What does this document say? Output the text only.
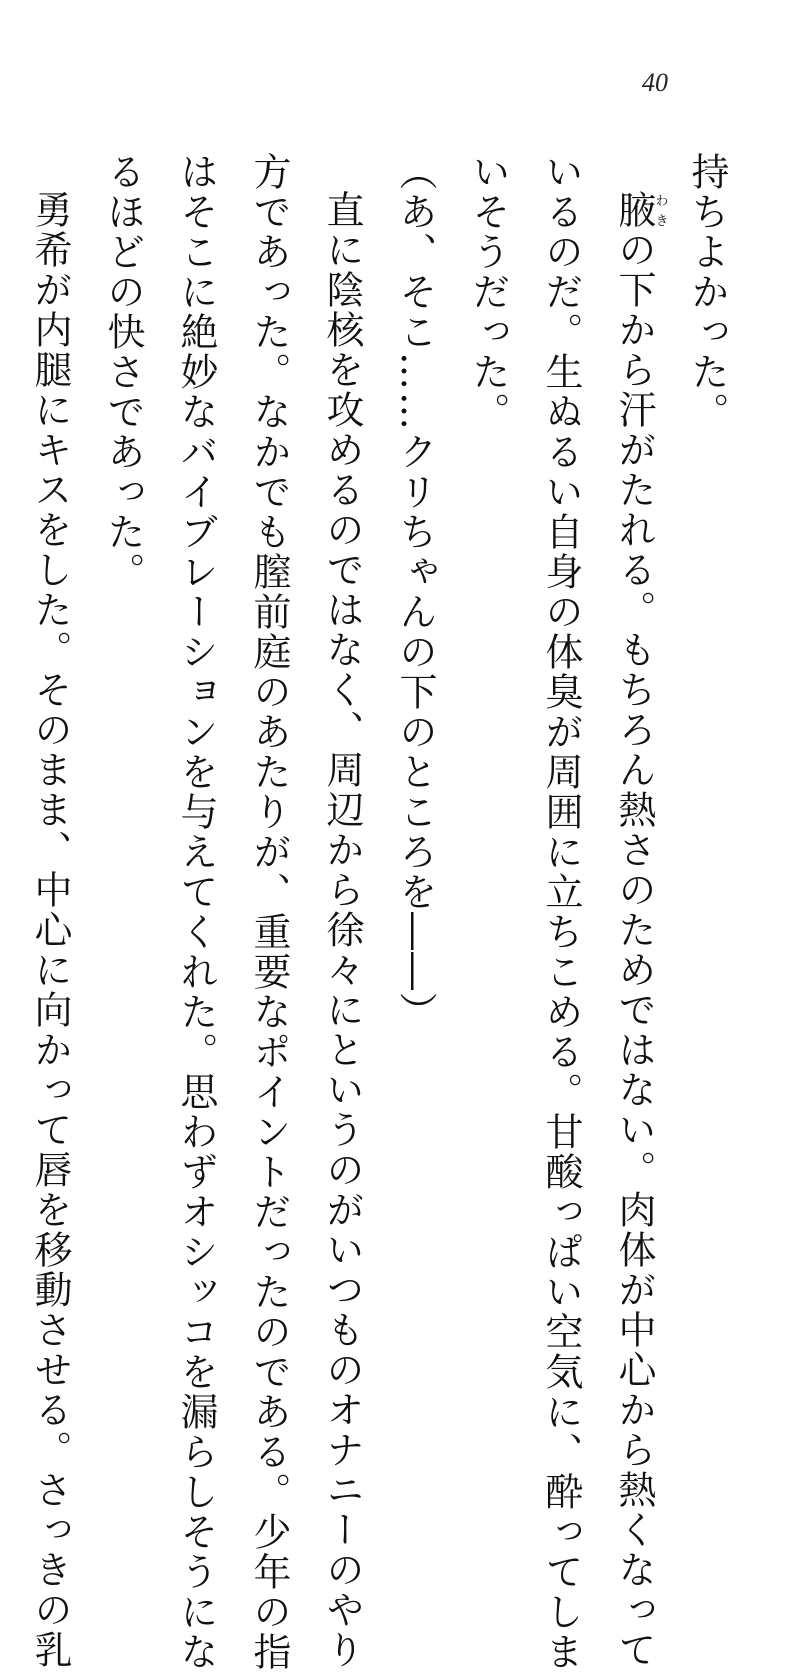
40
持ちよかった。
腋わきの下から汗がたれる。もちろん熱さのためではない。肉体が中心から熱くなって
いるのだ。生ぬるい自身の体臭が周囲に立ちこめる。甘酸っぱい空気に、酔ってしま
いそうだった。
（あ、そこ……クリちゃんの下のところを――）
直に陰核を攻めるのではなく、周辺から徐々にというのがいつものオナニーのやり
方であった。なかでも膣前庭のあたりが、重要なポイントだったのである。少年の指
はそこに絶妙なバイブレーションを与えてくれた。思わずオシッコを漏らしそうにな
るほどの快さであった。
勇希が内腿にキスをした。そのまま、中心に向かって唇を移動させる。さっきの乳
